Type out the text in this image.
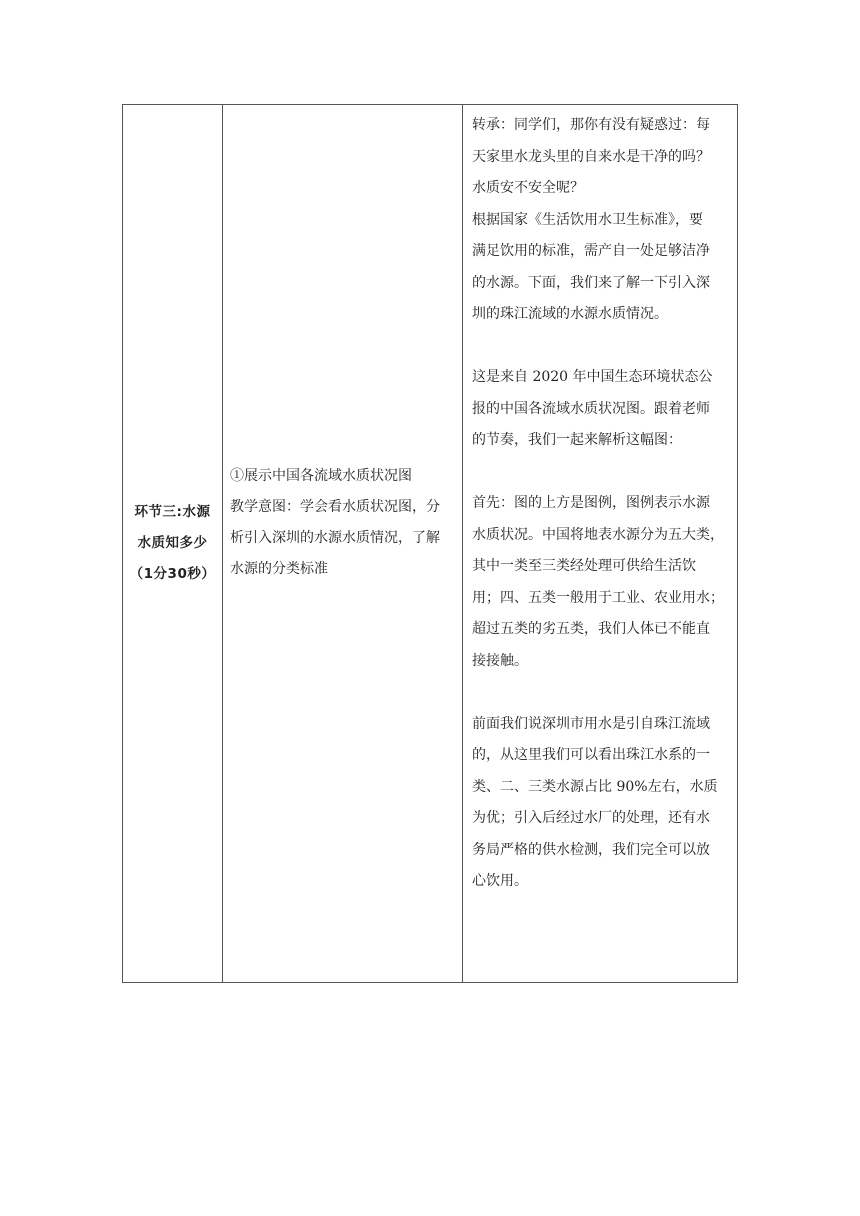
环节三:水源
水质知多少
（1分30秒）
①展示中国各流域水质状况图
教学意图：学会看水质状况图，分
析引入深圳的水源水质情况，了解
水源的分类标准
转承：同学们，那你有没有疑惑过：每
天家里水龙头里的自来水是干净的吗？
水质安不安全呢？
根据国家《生活饮用水卫生标准》，要
满足饮用的标准，需产自一处足够洁净
的水源。下面，我们来了解一下引入深
圳的珠江流域的水源水质情况。
这是来自 2020 年中国生态环境状态公
报的中国各流域水质状况图。跟着老师
的节奏，我们一起来解析这幅图：
首先：图的上方是图例，图例表示水源
水质状况。中国将地表水源分为五大类，
其中一类至三类经处理可供给生活饮
用；四、五类一般用于工业、农业用水；
超过五类的劣五类，我们人体已不能直
接接触。
前面我们说深圳市用水是引自珠江流域
的，从这里我们可以看出珠江水系的一
类、二、三类水源占比 90%左右，水质
为优；引入后经过水厂的处理，还有水
务局严格的供水检测，我们完全可以放
心饮用。
